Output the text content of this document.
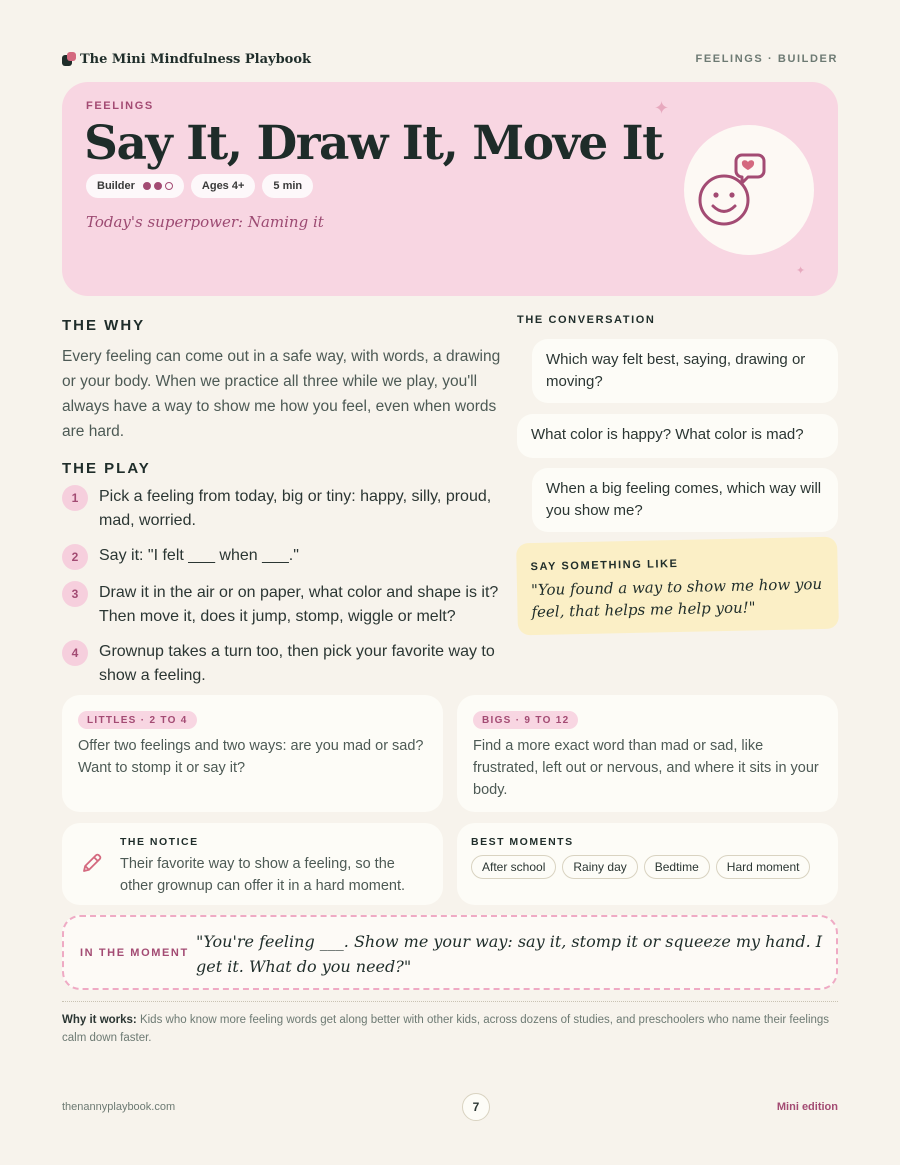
The Mini Mindfulness Playbook	FEELINGS · BUILDER
FEELINGS
Say It, Draw It, Move It
Builder	Ages 4+	5 min
Today's superpower: Naming it
✦
✦
THE WHY
Every feeling can come out in a safe way, with words, a drawing or your body. When we practice all three while we play, you'll always have a way to show me how you feel, even when words are hard.
THE PLAY
1	Pick a feeling from today, big or tiny: happy, silly, proud, mad, worried.
2	Say it: "I felt ___ when ___."
3	Draw it in the air or on paper, what color and shape is it? Then move it, does it jump, stomp, wiggle or melt?
4	Grownup takes a turn too, then pick your favorite way to show a feeling.
THE CONVERSATION
Which way felt best, saying, drawing or moving?
What color is happy? What color is mad?
When a big feeling comes, which way will you show me?
SAY SOMETHING LIKE
"You found a way to show me how you feel, that helps me help you!"
LITTLES · 2 TO 4
Offer two feelings and two ways: are you mad or sad? Want to stomp it or say it?
BIGS · 9 TO 12
Find a more exact word than mad or sad, like frustrated, left out or nervous, and where it sits in your body.
THE NOTICE
Their favorite way to show a feeling, so the other grownup can offer it in a hard moment.
BEST MOMENTS
After school	Rainy day	Bedtime	Hard moment
IN THE MOMENT
"You're feeling ___. Show me your way: say it, stomp it or squeeze my hand. I get it. What do you need?"
Why it works: Kids who know more feeling words get along better with other kids, across dozens of studies, and preschoolers who name their feelings calm down faster.
thenannyplaybook.com	7	Mini edition
